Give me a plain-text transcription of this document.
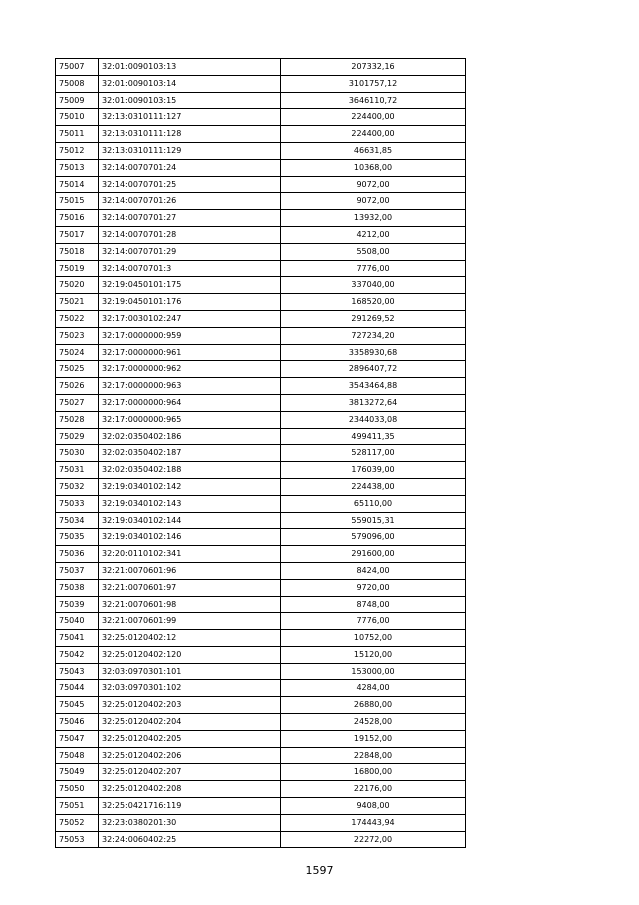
75007	32:01:0090103:13	207332,16
75008	32:01:0090103:14	3101757,12
75009	32:01:0090103:15	3646110,72
75010	32:13:0310111:127	224400,00
75011	32:13:0310111:128	224400,00
75012	32:13:0310111:129	46631,85
75013	32:14:0070701:24	10368,00
75014	32:14:0070701:25	9072,00
75015	32:14:0070701:26	9072,00
75016	32:14:0070701:27	13932,00
75017	32:14:0070701:28	4212,00
75018	32:14:0070701:29	5508,00
75019	32:14:0070701:3	7776,00
75020	32:19:0450101:175	337040,00
75021	32:19:0450101:176	168520,00
75022	32:17:0030102:247	291269,52
75023	32:17:0000000:959	727234,20
75024	32:17:0000000:961	3358930,68
75025	32:17:0000000:962	2896407,72
75026	32:17:0000000:963	3543464,88
75027	32:17:0000000:964	3813272,64
75028	32:17:0000000:965	2344033,08
75029	32:02:0350402:186	499411,35
75030	32:02:0350402:187	528117,00
75031	32:02:0350402:188	176039,00
75032	32:19:0340102:142	224438,00
75033	32:19:0340102:143	65110,00
75034	32:19:0340102:144	559015,31
75035	32:19:0340102:146	579096,00
75036	32:20:0110102:341	291600,00
75037	32:21:0070601:96	8424,00
75038	32:21:0070601:97	9720,00
75039	32:21:0070601:98	8748,00
75040	32:21:0070601:99	7776,00
75041	32:25:0120402:12	10752,00
75042	32:25:0120402:120	15120,00
75043	32:03:0970301:101	153000,00
75044	32:03:0970301:102	4284,00
75045	32:25:0120402:203	26880,00
75046	32:25:0120402:204	24528,00
75047	32:25:0120402:205	19152,00
75048	32:25:0120402:206	22848,00
75049	32:25:0120402:207	16800,00
75050	32:25:0120402:208	22176,00
75051	32:25:0421716:119	9408,00
75052	32:23:0380201:30	174443,94
75053	32:24:0060402:25	22272,00
1597
